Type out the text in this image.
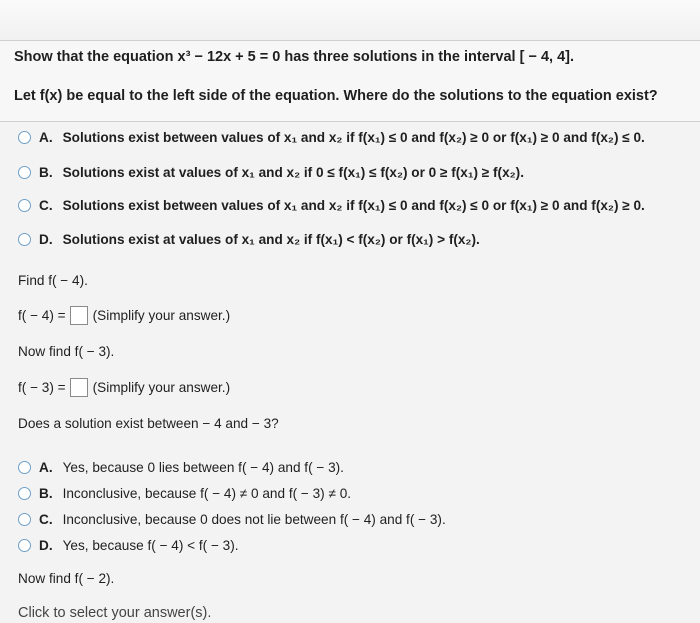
Show that the equation x³ − 12x + 5 = 0 has three solutions in the interval [ − 4, 4].
Let f(x) be equal to the left side of the equation. Where do the solutions to the equation exist?
A. Solutions exist between values of x₁ and x₂ if f(x₁) ≤ 0 and f(x₂) ≥ 0 or f(x₁) ≥ 0 and f(x₂) ≤ 0.
B. Solutions exist at values of x₁ and x₂ if 0 ≤ f(x₁) ≤ f(x₂) or 0 ≥ f(x₁) ≥ f(x₂).
C. Solutions exist between values of x₁ and x₂ if f(x₁) ≤ 0 and f(x₂) ≤ 0 or f(x₁) ≥ 0 and f(x₂) ≥ 0.
D. Solutions exist at values of x₁ and x₂ if f(x₁) < f(x₂) or f(x₁) > f(x₂).
Find f( − 4).
f( − 4) = (Simplify your answer.)
Now find f( − 3).
f( − 3) = (Simplify your answer.)
Does a solution exist between − 4 and − 3?
A. Yes, because 0 lies between f( − 4) and f( − 3).
B. Inconclusive, because f( − 4) ≠ 0 and f( − 3) ≠ 0.
C. Inconclusive, because 0 does not lie between f( − 4) and f( − 3).
D. Yes, because f( − 4) < f( − 3).
Now find f( − 2).
Click to select your answer(s).
